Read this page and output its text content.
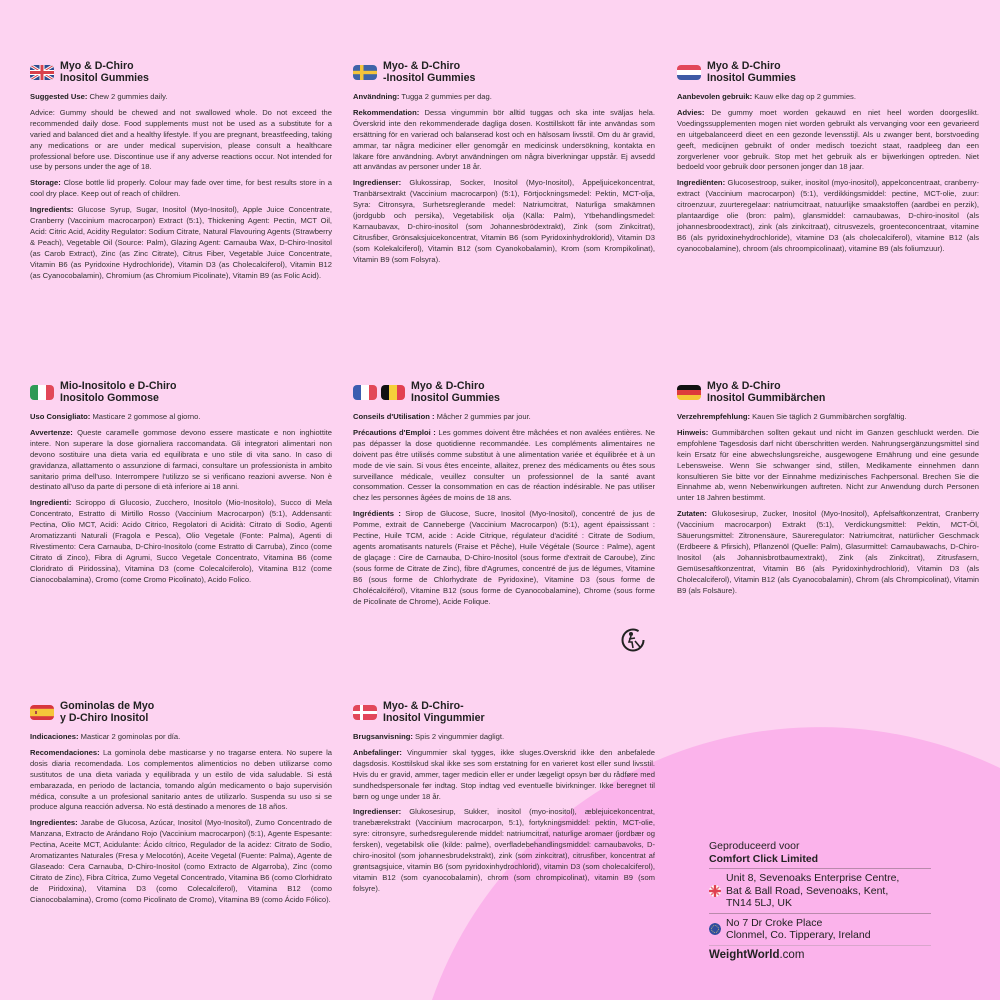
Myo & D-Chiro
Inositol Gummies

Suggested Use: Chew 2 gummies daily.

Advice: Gummy should be chewed and not swallowed whole. Do not exceed the recommended daily dose. Food supplements must not be used as a substitute for a varied and balanced diet and a healthy lifestyle. If you are pregnant, breastfeeding, taking any medications or are under medical supervision, please consult a healthcare professional before use. Discontinue use if any adverse reactions occur. Not intended for use by persons under the age of 18.

Storage: Close bottle lid properly. Colour may fade over time, for best results store in a cool dry place. Keep out of reach of children.

Ingredients: Glucose Syrup, Sugar, Inositol (Myo-Inositol), Apple Juice Concentrate, Cranberry (Vaccinium macrocarpon) Extract (5:1), Thickening Agent: Pectin, MCT Oil, Acid: Citric Acid, Acidity Regulator: Sodium Citrate, Natural Flavouring Agents (Strawberry & Peach), Vegetable Oil (Source: Palm), Glazing Agent: Carnauba Wax, D-Chiro-Inositol (as Carob Extract), Zinc (as Zinc Citrate), Citrus Fiber, Vegetable Juice Concentrate, Vitamin B6 (as Pyridoxine Hydrochloride), Vitamin D3 (as Cholecalciferol), Vitamin B12 (as Cyanocobalamin), Chromium (as Chromium Picolinate), Vitamin B9 (as Folic Acid).

Myo- & D-Chiro
-Inositol Gummies

Användning: Tugga 2 gummies per dag.

Rekommendation: Dessa vingummin bör alltid tuggas och ska inte sväljas hela. Överskrid inte den rekommenderade dagliga dosen. Kosttillskott får inte användas som ersättning för en varierad och balanserad kost och en hälsosam livsstil. Om du är gravid, ammar, tar några mediciner eller genomgår en medicinsk undersökning, kontakta en läkare före användning. Avbryt användningen om några biverkningar uppstår. Ej avsedd att användas av personer under 18 år.

Ingredienser: Glukossirap, Socker, Inositol (Myo-Inositol), Äppeljuicekoncentrat, Tranbärsextrakt (Vaccinium macrocarpon) (5:1), Förtjockningsmedel: Pektin, MCT-olja, Syra: Citronsyra, Surhetsreglerande medel: Natriumcitrat, Naturliga smakämnen (jordgubb och persika), Vegetabilisk olja (Källa: Palm), Ytbehandlingsmedel: Karnaubavax, D-chiro-inositol (som Johannesbrödextrakt), Zink (som Zinkcitrat), Citrusfiber, Grönsaksjuicekoncentrat, Vitamin B6 (som Pyridoxinhydroklorid), Vitamin D3 (som Kolekalciferol), Vitamin B12 (som Cyanokobalamin), Krom (som Krompikolinat), Vitamin B9 (som Folsyra).

Myo & D-Chiro
Inositol Gummies

Aanbevolen gebruik: Kauw elke dag op 2 gummies.

Advies: De gummy moet worden gekauwd en niet heel worden doorgeslikt. Voedingssupplementen mogen niet worden gebruikt als vervanging voor een gevarieerd en uitgebalanceerd dieet en een gezonde levensstijl. Als u zwanger bent, borstvoeding geeft, medicijnen gebruikt of onder medisch toezicht staat, raadpleeg dan een zorgverlener voor gebruik. Stop met het gebruik als er bijwerkingen optreden. Niet bedoeld voor gebruik door personen jonger dan 18 jaar.

Ingrediënten: Glucosestroop, suiker, inositol (myo-inositol), appelconcentraat, cranberry-extract (Vaccinium macrocarpon) (5:1), verdikkingsmiddel: pectine, MCT-olie, zuur: citroenzuur, zuurteregelaar: natriumcitraat, natuurlijke smaakstoffen (aardbei en perzik), plantaardige olie (bron: palm), glansmiddel: carnaubawas, D-chiro-inositol (als johannesbroodextract), zink (als zinkcitraat), citrusvezels, groenteconcentraat, vitamine B6 (als pyridoxinehydrochloride), vitamine D3 (als cholecalciferol), vitamine B12 (als cyanocobalamine), chroom (als chroompicolinaat), vitamine B9 (als foliumzuur).

Mio-Inositolo e D-Chiro
Inositolo Gommose

Uso Consigliato: Masticare 2 gommose al giorno.

Avvertenze: Queste caramelle gommose devono essere masticate e non inghiottite intere. Non superare la dose giornaliera raccomandata. Gli integratori alimentari non devono sostituire una dieta varia ed equilibrata e uno stile di vita sano. In caso di gravidanza, allattamento o assunzione di farmaci, consultare un professionista in ambito sanitario prima dell'uso. Interrompere l'utilizzo se si verificano reazioni avverse. Non è destinato all'uso da parte di persone di età inferiore ai 18 anni.

Ingredienti: Sciroppo di Glucosio, Zucchero, Inositolo (Mio-Inositolo), Succo di Mela Concentrato, Estratto di Mirtillo Rosso (Vaccinium Macrocarpon) (5:1), Addensanti: Pectina, Olio MCT, Acidi: Acido Citrico, Regolatori di Acidità: Citrato di Sodio, Agenti Aromatizzanti Naturali (Fragola e Pesca), Olio Vegetale (Fonte: Palma), Agenti di Rivestimento: Cera Carnauba, D-Chiro-Inositolo (come Estratto di Carruba), Zinco (come Citrato di Zinco), Fibra di Agrumi, Succo Vegetale Concentrato, Vitamina B6 (come Cloridrato di Piridossina), Vitamina D3 (come Colecalciferolo), Vitamina B12 (come Cianocobalamina), Cromo (come Cromo Picolinato), Acido Folico.

Myo & D-Chiro
Inositol Gummies

Conseils d'Utilisation : Mâcher 2 gummies par jour.

Précautions d'Emploi : Les gommes doivent être mâchées et non avalées entières. Ne pas dépasser la dose quotidienne recommandée. Les compléments alimentaires ne doivent pas être utilisés comme substitut à une alimentation variée et équilibrée et à un mode de vie sain. Si vous êtes enceinte, allaitez, prenez des médicaments ou êtes sous surveillance médicale, veuillez consulter un professionnel de la santé avant consommation. Cesser la consommation en cas de réaction indésirable. Ne pas utiliser chez les personnes âgées de moins de 18 ans.

Ingrédients : Sirop de Glucose, Sucre, Inositol (Myo-Inositol), concentré de jus de Pomme, extrait de Canneberge (Vaccinium Macrocarpon) (5:1), agent épaississant : Pectine, Huile TCM, acide : Acide Citrique, régulateur d'acidité : Citrate de Sodium, agents aromatisants naturels (Fraise et Pêche), Huile Végétale (Source : Palme), agent de glaçage : Cire de Carnauba, D-Chiro-Inositol (sous forme d'extrait de Caroube), Zinc (sous forme de Citrate de Zinc), fibre d'Agrumes, concentré de jus de légumes, Vitamine B6 (sous forme de Chlorhydrate de Pyridoxine), Vitamine D3 (sous forme de Cholécalciférol), Vitamine B12 (sous forme de Cyanocobalamine), Chrome (sous forme de Picolinate de Chrome), Acide Folique.

Myo & D-Chiro
Inositol Gummibärchen

Verzehrempfehlung: Kauen Sie täglich 2 Gummibärchen sorgfältig.

Hinweis: Gummibärchen sollten gekaut und nicht im Ganzen geschluckt werden. Die empfohlene Tagesdosis darf nicht überschritten werden. Nahrungsergänzungsmittel sind kein Ersatz für eine abwechslungsreiche, ausgewogene Ernährung und eine gesunde Lebensweise. Wenn Sie schwanger sind, stillen, Medikamente einnehmen dann konsultieren Sie bitte vor der Einnahme medizinisches Fachpersonal. Brechen Sie die Einnahme ab, wenn Nebenwirkungen auftreten. Nicht zur Anwendung durch Personen unter 18 Jahren bestimmt.

Zutaten: Glukosesirup, Zucker, Inositol (Myo-Inositol), Apfelsaftkonzentrat, Cranberry (Vaccinium macrocarpon) Extrakt (5:1), Verdickungsmittel: Pektin, MCT-Öl, Säuerungsmittel: Zitronensäure, Säureregulator: Natriumcitrat, natürlicher Geschmack (Erdbeere & Pfirsich), Pflanzenöl (Quelle: Palm), Glasurmittel: Carnaubawachs, D-Chiro-Inositol (als Johannisbrotbaumextrakt), Zink (als Zinkcitrat), Zitrusfasern, Gemüsesaftkonzentrat, Vitamin B6 (als Pyridoxinhydrochlorid), Vitamin D3 (als Cholecalciferol), Vitamin B12 (als Cyanocobalamin), Chrom (als Chrompicolinat), Vitamin B9 (als Folsäure).

Gominolas de Myo
y D-Chiro Inositol

Indicaciones: Masticar 2 gominolas por día.

Recomendaciones: La gominola debe masticarse y no tragarse entera. No supere la dosis diaria recomendada. Los complementos alimenticios no deben utilizarse como sustitutos de una dieta variada y equilibrada y un estilo de vida saludable. Si está embarazada, en periodo de lactancia, tomando algún medicamento o bajo supervisión médica, consulte a un profesional sanitario antes de utilizarlo. Suspenda su uso si se produce alguna reacción adversa. No está destinado a menores de 18 años.

Ingredientes: Jarabe de Glucosa, Azúcar, Inositol (Myo-Inositol), Zumo Concentrado de Manzana, Extracto de Arándano Rojo (Vaccinium macrocarpon) (5:1), Agente Espesante: Pectina, Aceite MCT, Acidulante: Ácido cítrico, Regulador de la acidez: Citrato de Sodio, Aromatizantes Naturales (Fresa y Melocotón), Aceite Vegetal (Fuente: Palma), Agente de Glaseado: Cera Carnauba, D-Chiro-Inositol (como Extracto de Algarroba), Zinc (como Citrato de Zinc), Fibra Cítrica, Zumo Vegetal Concentrado, Vitamina B6 (como Clorhidrato de Piridoxina), Vitamina D3 (como Colecalciferol), Vitamina B12 (como Cianocobalamina), Cromo (como Picolinato de Cromo), Vitamina B9 (como Ácido Fólico).

Myo- & D-Chiro-
Inositol Vingummier

Brugsanvisning: Spis 2 vingummier dagligt.

Anbefalinger: Vingummier skal tygges, ikke sluges.Overskrid ikke den anbefalede dagsdosis. Kosttilskud skal ikke ses som erstatning for en varieret kost eller sund livsstil. Hvis du er gravid, ammer, tager medicin eller er under lægeligt opsyn bør du rådføre med sundhedspersonale før indtag. Stop indtag ved eventuelle bivirkninger. Ikke beregnet til børn og unge under 18 år.

Ingredienser: Glukosesirup, Sukker, inositol (myo-inositol), æblejuicekoncentrat, tranebærekstrakt (Vaccinium macrocarpon, 5:1), fortykningsmiddel: pektin, MCT-olie, syre: citronsyre, surhedsregulerende middel: natriumcitrat, naturlige aromaer (jordbær og fersken), vegetabilsk olie (kilde: palme), overfladebehandlingsmiddel: carnaubavoks, D-chiro-inositol (som johannesbrudekstrakt), zink (som zinkcitrat), citrusfiber, koncentrat af grøntsagsjuice, vitamin B6 (som pyridoxinhydrochlorid), vitamin D3 (som cholecalciferol), vitamin B12 (som cyanocobalamin), chrom (som chrompicolinat), vitamin B9 (som folsyre).

Geproduceerd voor
Comfort Click Limited
Unit 8, Sevenoaks Enterprise Centre,
Bat & Ball Road, Sevenoaks, Kent,
TN14 5LJ, UK
No 7 Dr Croke Place
Clonmel, Co. Tipperary, Ireland
WeightWorld.com
